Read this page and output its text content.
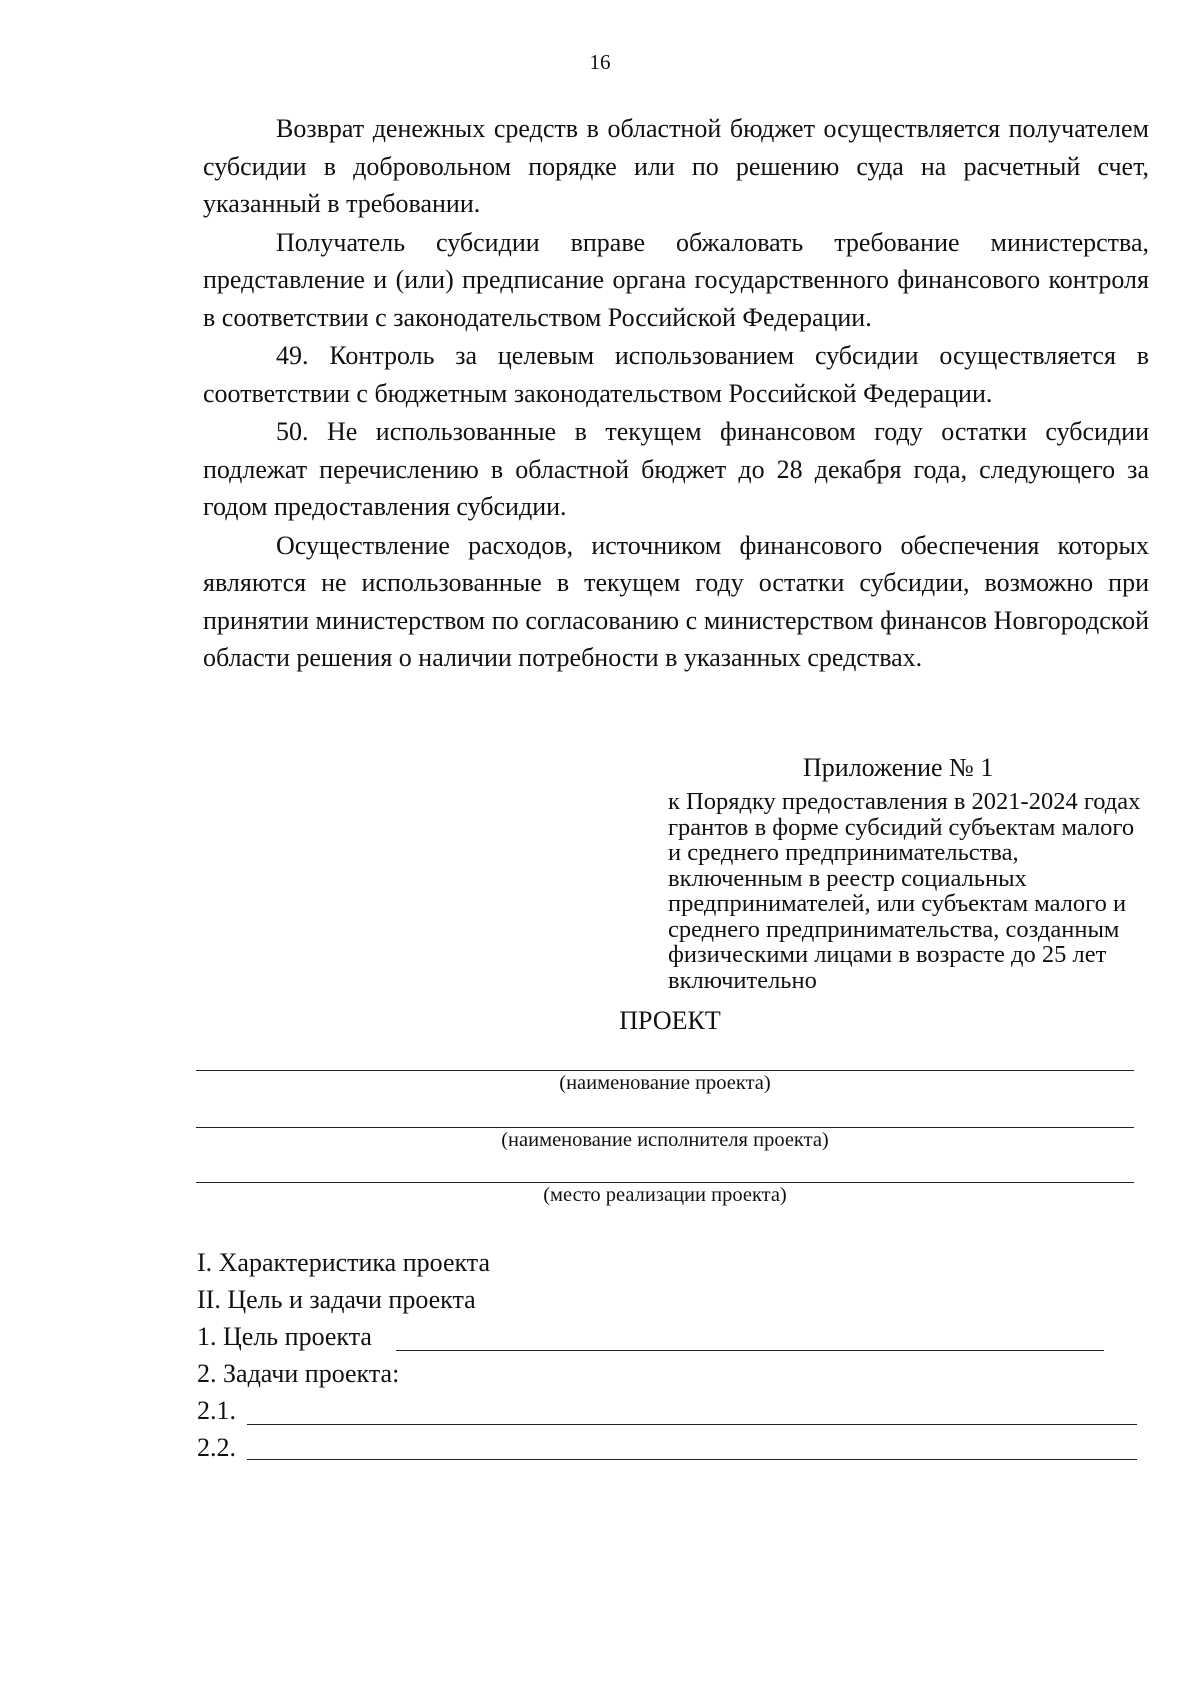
16

Возврат денежных средств в областной бюджет осуществляется получателем субсидии в добровольном порядке или по решению суда на расчетный счет, указанный в требовании.

Получатель субсидии вправе обжаловать требование министерства, представление и (или) предписание органа государственного финансового контроля в соответствии с законодательством Российской Федерации.

49. Контроль за целевым использованием субсидии осуществляется в соответствии с бюджетным законодательством Российской Федерации.

50. Не использованные в текущем финансовом году остатки субсидии подлежат перечислению в областной бюджет до 28 декабря года, следующего за годом предоставления субсидии.

Осуществление расходов, источником финансового обеспечения которых являются не использованные в текущем году остатки субсидии, возможно при принятии министерством по согласованию с министерством финансов Новгородской области решения о наличии потребности в указанных средствах.

Приложение № 1

к Порядку предоставления в 2021-2024 годах грантов в форме субсидий субъектам малого и среднего предпринимательства, включенным в реестр социальных предпринимателей, или субъектам малого и среднего предпринимательства, созданным физическими лицами в возрасте до 25 лет включительно

ПРОЕКТ
(наименование проекта)
(наименование исполнителя проекта)
(место реализации проекта)
I. Характеристика проекта
II. Цель и задачи проекта
1. Цель проекта
2. Задачи проекта:
2.1.
2.2.
